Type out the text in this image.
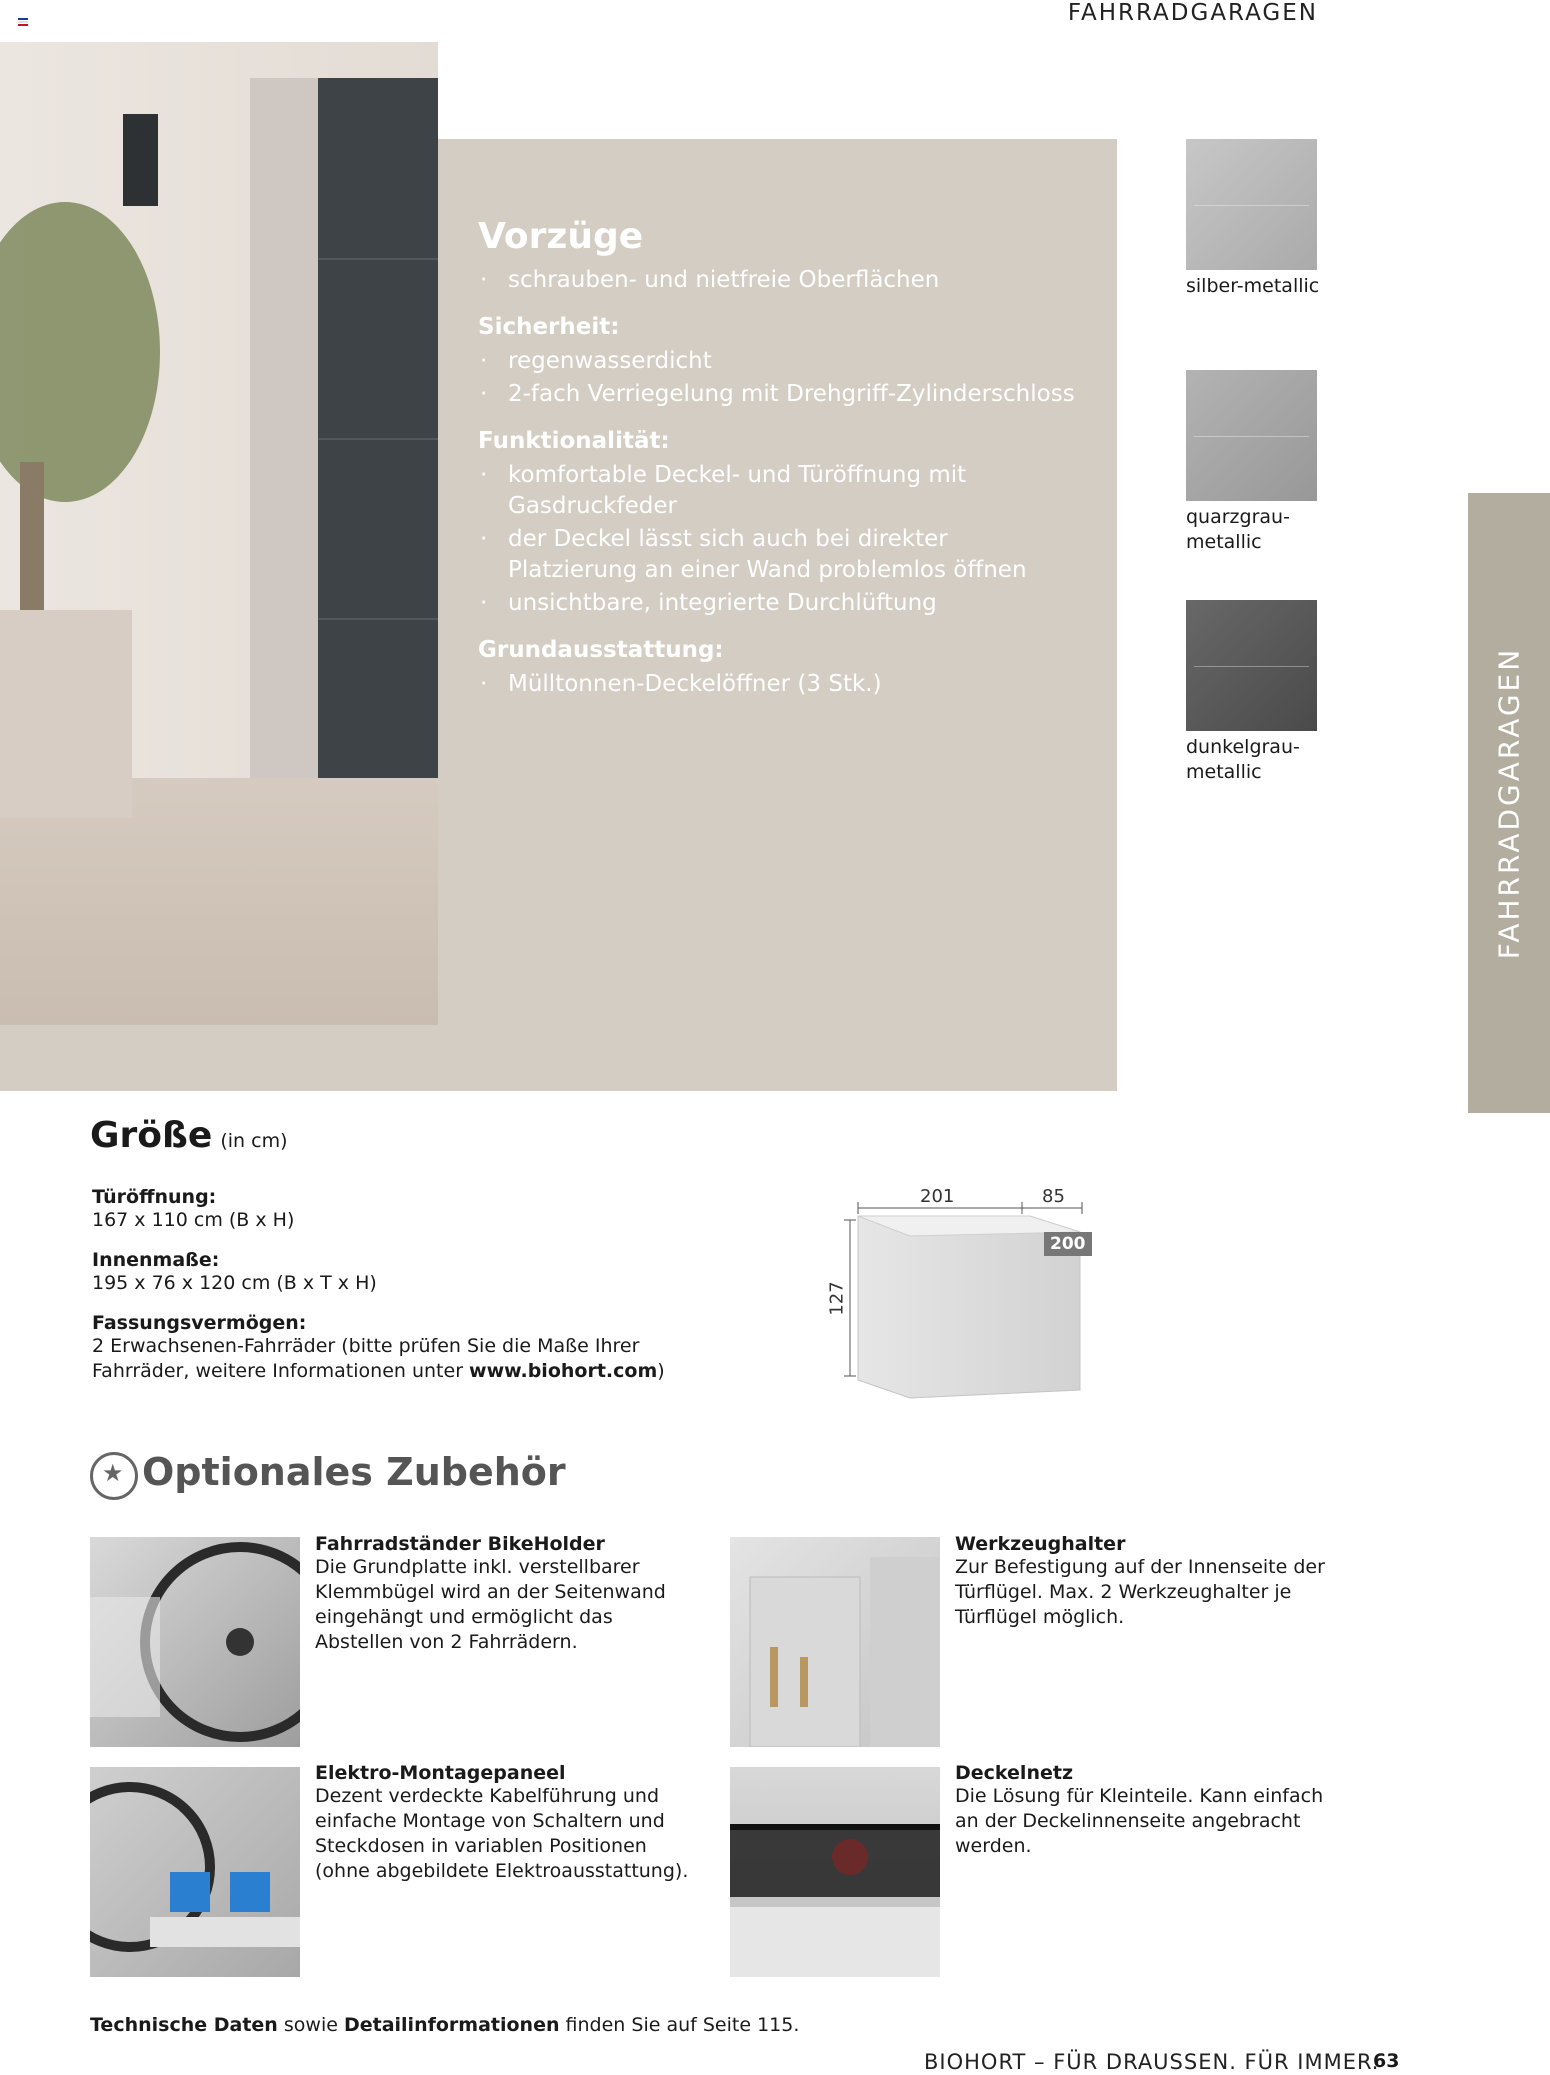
FAHRRADGARAGEN
Vorzüge
· schrauben- und nietfreie Oberflächen
Sicherheit:
· regenwasserdicht
· 2-fach Verriegelung mit Drehgriff-Zylinderschloss
Funktionalität:
· komfortable Deckel- und Türöffnung mit Gasdruckfeder
· der Deckel lässt sich auch bei direkter Platzierung an einer Wand problemlos öffnen
· unsichtbare, integrierte Durchlüftung
Grundausstattung:
· Mülltonnen-Deckelöffner (3 Stk.)
silber-metallic
quarzgrau-metallic
dunkelgrau-metallic	FAHRRADGARAGEN
Größe (in cm)
Türöffnung:
167 x 110 cm (B x H)
Innenmaße:
195 x 76 x 120 cm (B x T x H)
Fassungsvermögen:
2 Erwachsenen-Fahrräder (bitte prüfen Sie die Maße Ihrer Fahrräder, weitere Informationen unter www.biohort.com)
201	85
127
200
★
Optionales Zubehör
Fahrradständer BikeHolder
Die Grundplatte inkl. verstellbarer Klemmbügel wird an der Seitenwand eingehängt und ermöglicht das Abstellen von 2 Fahrrädern.
Werkzeughalter
Zur Befestigung auf der Innenseite der Türflügel. Max. 2 Werkzeughalter je Türflügel möglich.
Elektro-Montagepaneel
Dezent verdeckte Kabelführung und einfache Montage von Schaltern und Steckdosen in variablen Positionen (ohne abgebildete Elektroausstattung).
Deckelnetz
Die Lösung für Kleinteile. Kann einfach an der Deckelinnenseite angebracht werden.
Technische Daten sowie Detailinformationen finden Sie auf Seite 115.
BIOHORT – FÜR DRAUSSEN. FÜR IMMER.
63
